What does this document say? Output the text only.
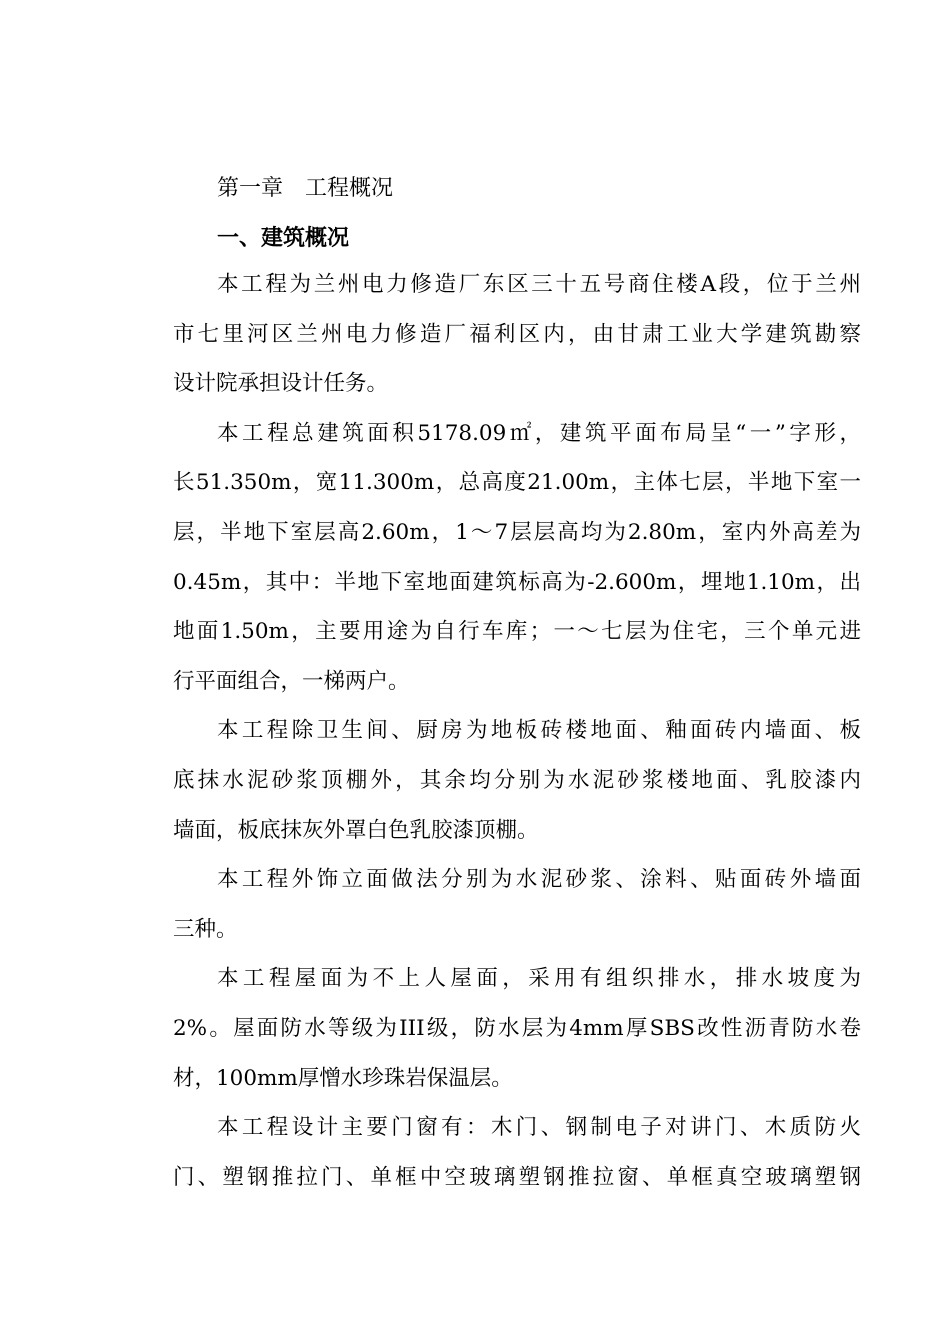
第一章　工程概况
一、建筑概况

本工程为兰州电力修造厂东区三十五号商住楼A段，位于兰州
市七里河区兰州电力修造厂福利区内，由甘肃工业大学建筑勘察
设计院承担设计任务。

本工程总建筑面积5178.09㎡，建筑平面布局呈“一”字形，
长51.350m，宽11.300m，总高度21.00m，主体七层，半地下室一
层，半地下室层高2.60m，1～7层层高均为2.80m，室内外高差为
0.45m，其中：半地下室地面建筑标高为-2.600m，埋地1.10m，出
地面1.50m，主要用途为自行车库；一～七层为住宅，三个单元进
行平面组合，一梯两户。

本工程除卫生间、厨房为地板砖楼地面、釉面砖内墙面、板
底抹水泥砂浆顶棚外，其余均分别为水泥砂浆楼地面、乳胶漆内
墙面，板底抹灰外罩白色乳胶漆顶棚。

本工程外饰立面做法分别为水泥砂浆、涂料、贴面砖外墙面
三种。

本工程屋面为不上人屋面，采用有组织排水，排水坡度为
2%。屋面防水等级为III级，防水层为4mm厚SBS改性沥青防水卷
材，100mm厚憎水珍珠岩保温层。

本工程设计主要门窗有：木门、钢制电子对讲门、木质防火
门、塑钢推拉门、单框中空玻璃塑钢推拉窗、单框真空玻璃塑钢
